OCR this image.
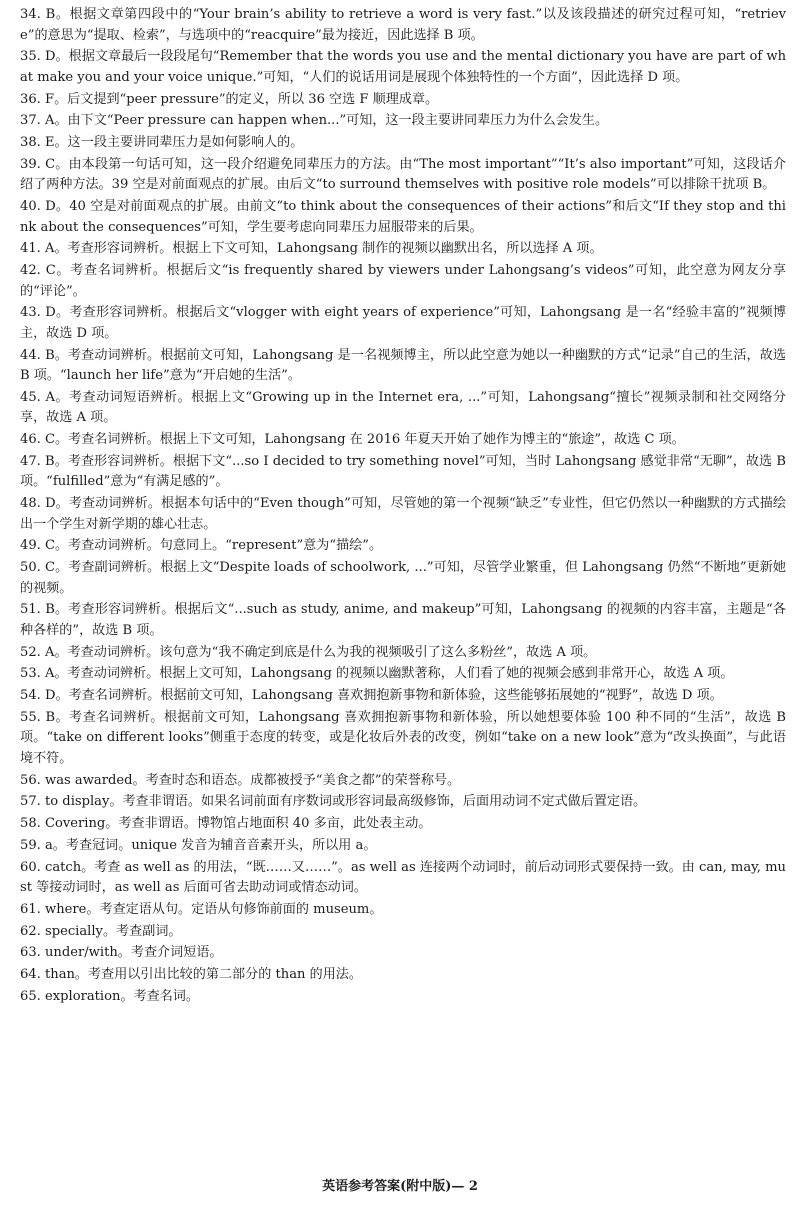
34. B。根据文章第四段中的“Your brain’s ability to retrieve a word is very fast.”以及该段描述的研究过程可知，“retrieve”的意思为“提取、检索”，与选项中的“reacquire”最为接近，因此选择 B 项。
35. D。根据文章最后一段段尾句“Remember that the words you use and the mental dictionary you have are part of what make you and your voice unique.”可知，“人们的说话用词是展现个体独特性的一个方面”，因此选择 D 项。
36. F。后文提到“peer pressure”的定义，所以 36 空选 F 顺理成章。
37. A。由下文“Peer pressure can happen when...”可知，这一段主要讲同辈压力为什么会发生。
38. E。这一段主要讲同辈压力是如何影响人的。
39. C。由本段第一句话可知，这一段介绍避免同辈压力的方法。由“The most important”“It’s also important”可知，这段话介绍了两种方法。39 空是对前面观点的扩展。由后文“to surround themselves with positive role models”可以排除干扰项 B。
40. D。40 空是对前面观点的扩展。由前文“to think about the consequences of their actions”和后文“If they stop and think about the consequences”可知，学生要考虑向同辈压力屈服带来的后果。
41. A。考查形容词辨析。根据上下文可知，Lahongsang 制作的视频以幽默出名，所以选择 A 项。
42. C。考查名词辨析。根据后文“is frequently shared by viewers under Lahongsang’s videos”可知，此空意为网友分享的“评论”。
43. D。考查形容词辨析。根据后文“vlogger with eight years of experience”可知，Lahongsang 是一名“经验丰富的”视频博主，故选 D 项。
44. B。考查动词辨析。根据前文可知，Lahongsang 是一名视频博主，所以此空意为她以一种幽默的方式“记录”自己的生活，故选 B 项。“launch her life”意为“开启她的生活”。
45. A。考查动词短语辨析。根据上文“Growing up in the Internet era, ...”可知，Lahongsang“擅长”视频录制和社交网络分享，故选 A 项。
46. C。考查名词辨析。根据上下文可知，Lahongsang 在 2016 年夏天开始了她作为博主的“旅途”，故选 C 项。
47. B。考查形容词辨析。根据下文“...so I decided to try something novel”可知，当时 Lahongsang 感觉非常“无聊”，故选 B 项。“fulfilled”意为“有满足感的”。
48. D。考查动词辨析。根据本句话中的“Even though”可知，尽管她的第一个视频“缺乏”专业性，但它仍然以一种幽默的方式描绘出一个学生对新学期的雄心壮志。
49. C。考查动词辨析。句意同上。“represent”意为“描绘”。
50. C。考查副词辨析。根据上文“Despite loads of schoolwork, ...”可知，尽管学业繁重，但 Lahongsang 仍然“不断地”更新她的视频。
51. B。考查形容词辨析。根据后文“...such as study, anime, and makeup”可知，Lahongsang 的视频的内容丰富，主题是“各种各样的”，故选 B 项。
52. A。考查动词辨析。该句意为“我不确定到底是什么为我的视频吸引了这么多粉丝”，故选 A 项。
53. A。考查动词辨析。根据上文可知，Lahongsang 的视频以幽默著称，人们看了她的视频会感到非常开心，故选 A 项。
54. D。考查名词辨析。根据前文可知，Lahongsang 喜欢拥抱新事物和新体验，这些能够拓展她的“视野”，故选 D 项。
55. B。考查名词辨析。根据前文可知，Lahongsang 喜欢拥抱新事物和新体验，所以她想要体验 100 种不同的“生活”，故选 B 项。“take on different looks”侧重于态度的转变，或是化妆后外表的改变，例如“take on a new look”意为“改头换面”，与此语境不符。
56. was awarded。考查时态和语态。成都被授予“美食之都”的荣誉称号。
57. to display。考查非谓语。如果名词前面有序数词或形容词最高级修饰，后面用动词不定式做后置定语。
58. Covering。考查非谓语。博物馆占地面积 40 多亩，此处表主动。
59. a。考查冠词。unique 发音为辅音音素开头，所以用 a。
60. catch。考查 as well as 的用法，“既……又……”。as well as 连接两个动词时，前后动词形式要保持一致。由 can, may, must 等接动词时，as well as 后面可省去助动词或情态动词。
61. where。考查定语从句。定语从句修饰前面的 museum。
62. specially。考查副词。
63. under/with。考查介词短语。
64. than。考查用以引出比较的第二部分的 than 的用法。
65. exploration。考查名词。
英语参考答案(附中版)— 2
